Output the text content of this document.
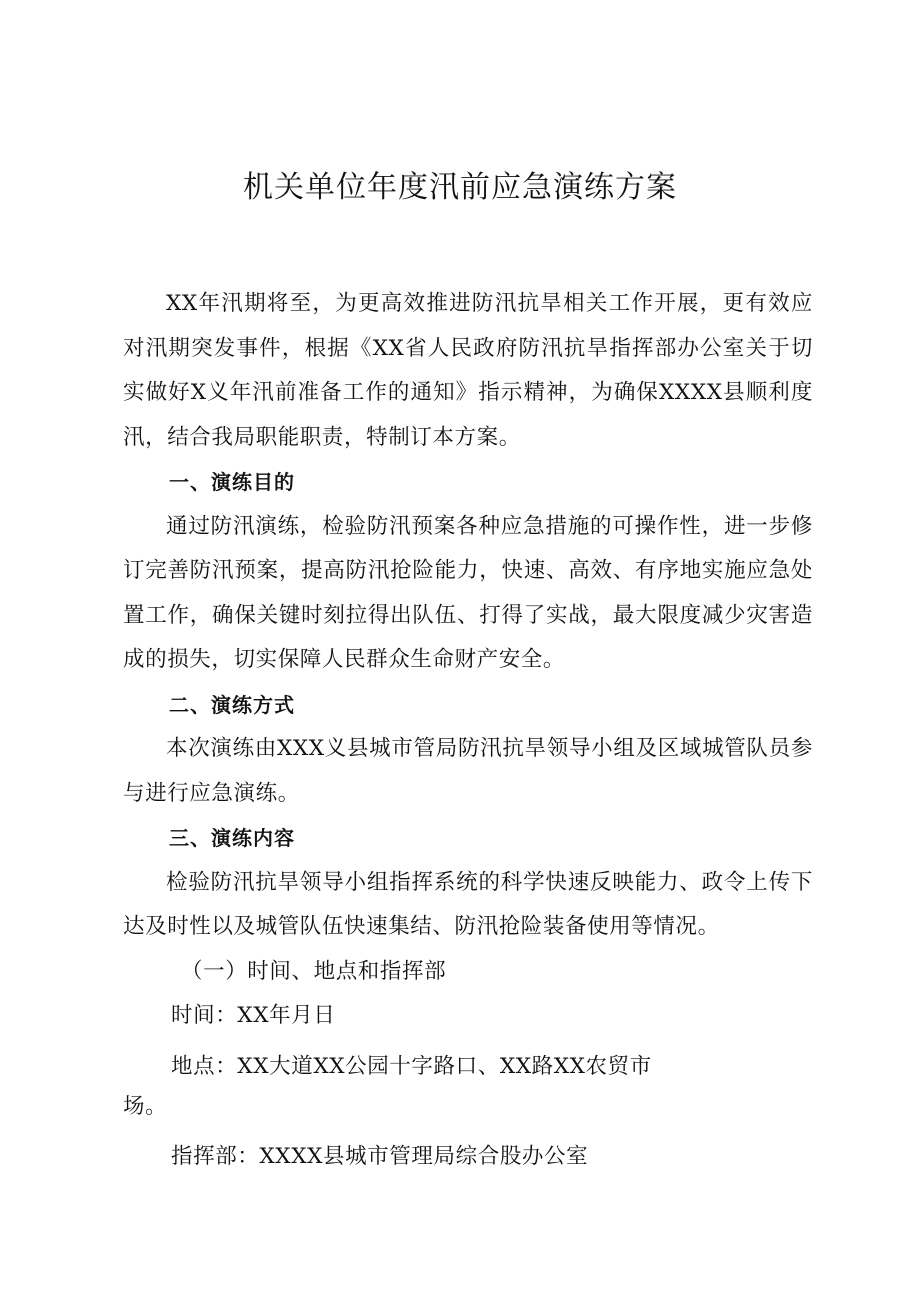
机关单位年度汛前应急演练方案

XX年汛期将至，为更高效推进防汛抗旱相关工作开展，更有效应对汛期突发事件，根据《XX省人民政府防汛抗旱指挥部办公室关于切实做好X义年汛前准备工作的通知》指示精神，为确保XXXX县顺利度汛，结合我局职能职责，特制订本方案。

一、演练目的

通过防汛演练，检验防汛预案各种应急措施的可操作性，进一步修订完善防汛预案，提高防汛抢险能力，快速、高效、有序地实施应急处置工作，确保关键时刻拉得出队伍、打得了实战，最大限度减少灾害造成的损失，切实保障人民群众生命财产安全。

二、演练方式

本次演练由XXX义县城市管局防汛抗旱领导小组及区域城管队员参与进行应急演练。

三、演练内容

检验防汛抗旱领导小组指挥系统的科学快速反映能力、政令上传下达及时性以及城管队伍快速集结、防汛抢险装备使用等情况。

（一）时间、地点和指挥部

时间：XX年月日

地点：XX大道XX公园十字路口、XX路XX农贸市
场。

指挥部：XXXX县城市管理局综合股办公室
